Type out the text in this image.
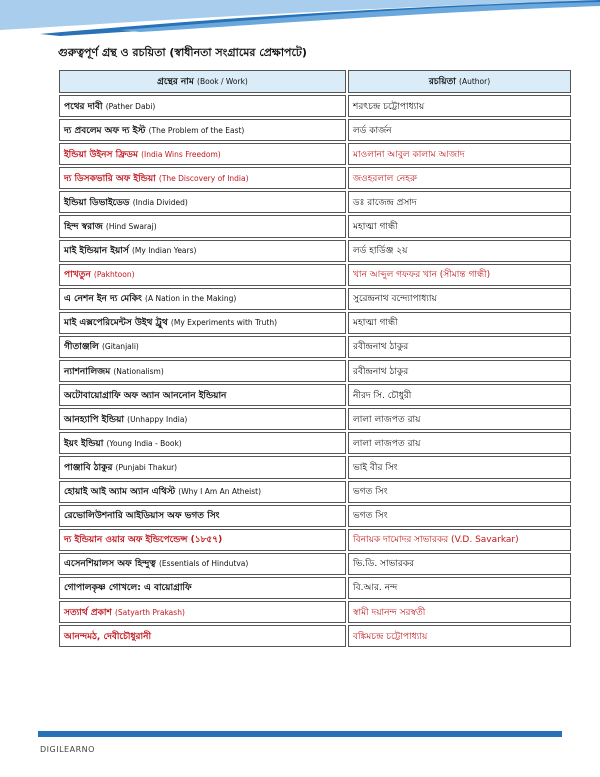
গুরুত্বপূর্ণ গ্রন্থ ও রচয়িতা (স্বাধীনতা সংগ্রামের প্রেক্ষাপটে)
গ্রন্থের নাম (Book / Work)	রচয়িতা (Author)
পথের দাবী (Pather Dabi)	শরৎচন্দ্র চট্টোপাধ্যায়
দ্য প্রবলেম অফ দ্য ইস্ট (The Problem of the East)	লর্ড কার্জন
ইন্ডিয়া উইনস ফ্রিডম (India Wins Freedom)	মাওলানা আবুল কালাম আজাদ
দ্য ডিসকভারি অফ ইন্ডিয়া (The Discovery of India)	জওহরলাল নেহরু
ইন্ডিয়া ডিভাইডেড (India Divided)	ডঃ রাজেন্দ্র প্রসাদ
হিন্দ স্বরাজ (Hind Swaraj)	মহাত্মা গান্ধী
মাই ইন্ডিয়ান ইয়ার্স (My Indian Years)	লর্ড হার্ডিঞ্জ ২য়
পাখতুন (Pakhtoon)	খান আব্দুল গফফর খান (সীমান্ত গান্ধী)
এ নেশন ইন দ্য মেকিং (A Nation in the Making)	সুরেন্দ্রনাথ বন্দ্যোপাধ্যায়
মাই এক্সপেরিমেন্টস উইথ ট্রুথ (My Experiments with Truth)	মহাত্মা গান্ধী
গীতাঞ্জলি (Gitanjali)	রবীন্দ্রনাথ ঠাকুর
ন্যাশনালিজম (Nationalism)	রবীন্দ্রনাথ ঠাকুর
অটোবায়োগ্রাফি অফ অ্যান আননোন ইন্ডিয়ান	নীরদ সি. চৌধুরী
আনহ্যাপি ইন্ডিয়া (Unhappy India)	লালা লাজপত রায়
ইয়ং ইন্ডিয়া (Young India - Book)	লালা লাজপত রায়
পাঞ্জাবি ঠাকুর (Punjabi Thakur)	ভাই বীর সিং
হোয়াই আই অ্যাম অ্যান এথিস্ট (Why I Am An Atheist)	ভগত সিং
রেভোলিউশনারি আইডিয়াস অফ ভগত সিং	ভগত সিং
দ্য ইন্ডিয়ান ওয়ার অফ ইন্ডিপেন্ডেন্স (১৮৫৭)	বিনায়ক দামোদর সাভারকর (V.D. Savarkar)
এসেনশিয়ালস অফ হিন্দুত্ব (Essentials of Hindutva)	ভি.ডি. সাভারকর
গোপালকৃষ্ণ গোখলে: এ বায়োগ্রাফি	বি.আর. নন্দ
সত্যার্থ প্রকাশ (Satyarth Prakash)	স্বামী দয়ানন্দ সরস্বতী
আনন্দমঠ, দেবীচৌধুরানী	বঙ্কিমচন্দ্র চট্টোপাধ্যায়
DIGILEARNO
